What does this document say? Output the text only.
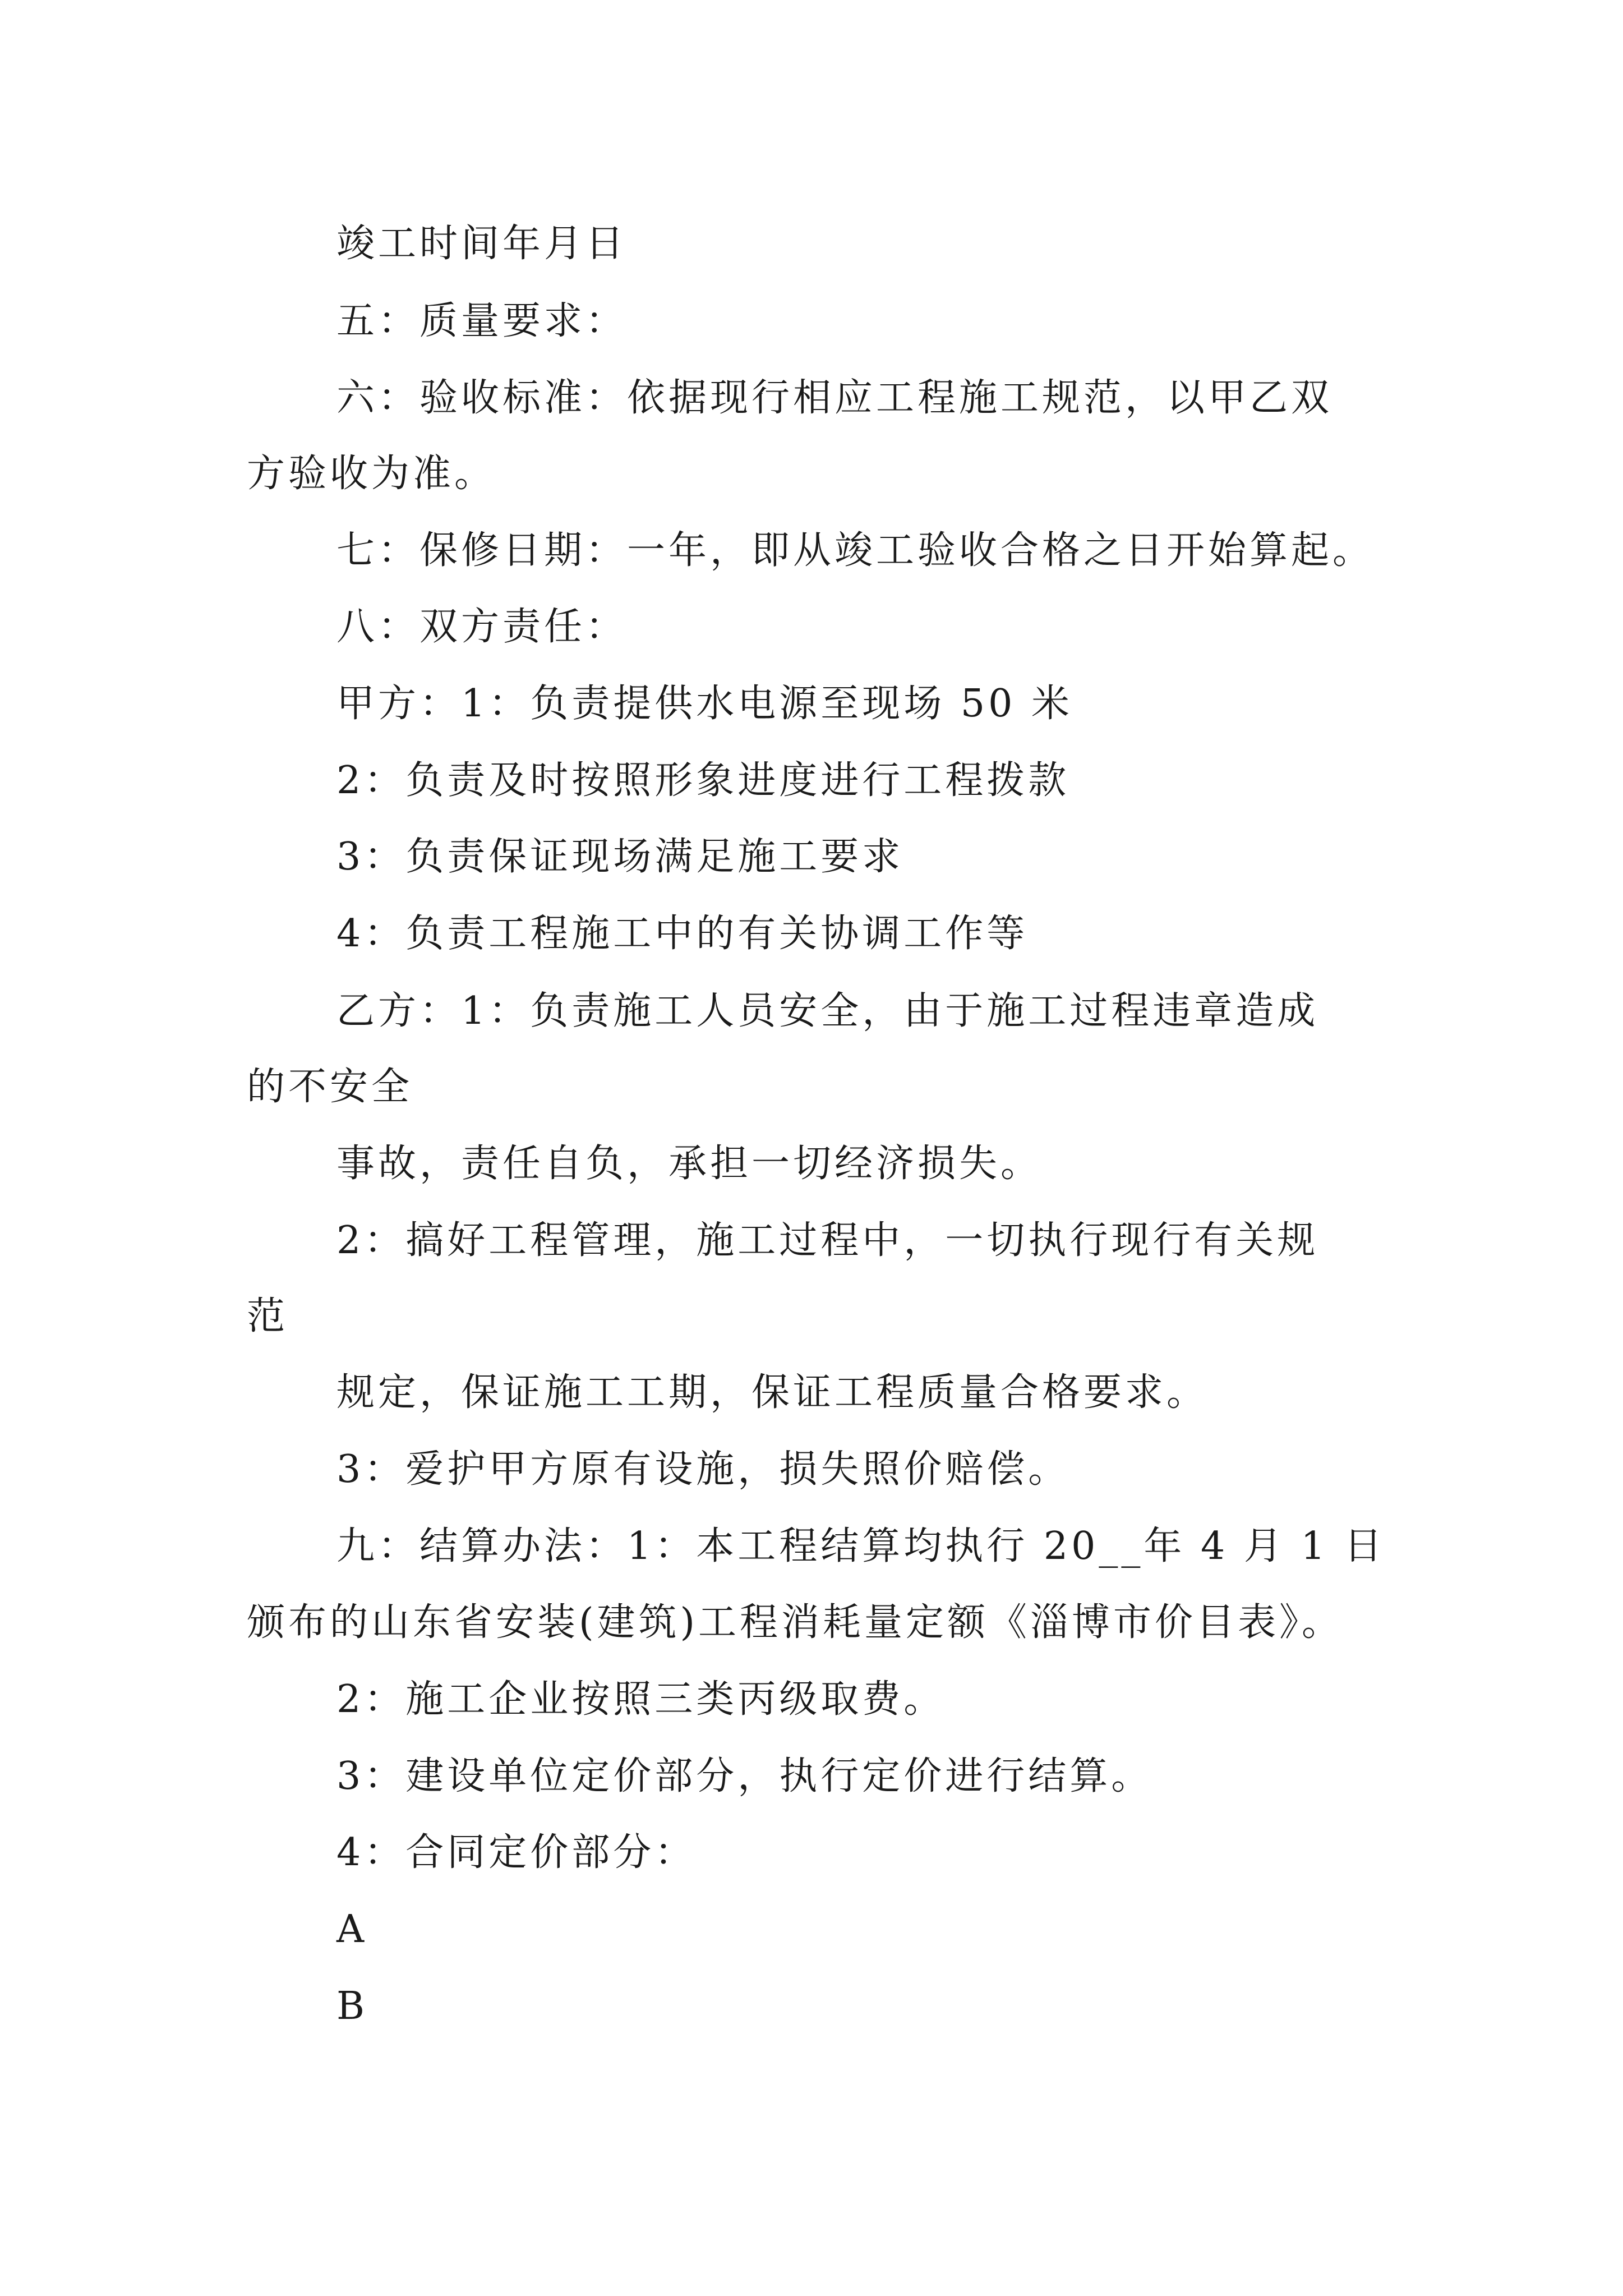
竣工时间年月日
五：质量要求：
六：验收标准：依据现行相应工程施工规范，以甲乙双
方验收为准。
七：保修日期：一年，即从竣工验收合格之日开始算起。
八：双方责任：
甲方：1：负责提供水电源至现场 50 米
2：负责及时按照形象进度进行工程拨款
3：负责保证现场满足施工要求
4：负责工程施工中的有关协调工作等
乙方：1：负责施工人员安全，由于施工过程违章造成
的不安全
事故，责任自负，承担一切经济损失。
2：搞好工程管理，施工过程中，一切执行现行有关规
范
规定，保证施工工期，保证工程质量合格要求。
3：爱护甲方原有设施，损失照价赔偿。
九：结算办法：1：本工程结算均执行 20__年 4 月 1 日
颁布的山东省安装(建筑)工程消耗量定额《淄博市价目表》。
2：施工企业按照三类丙级取费。
3：建设单位定价部分，执行定价进行结算。
4：合同定价部分：
A
B
